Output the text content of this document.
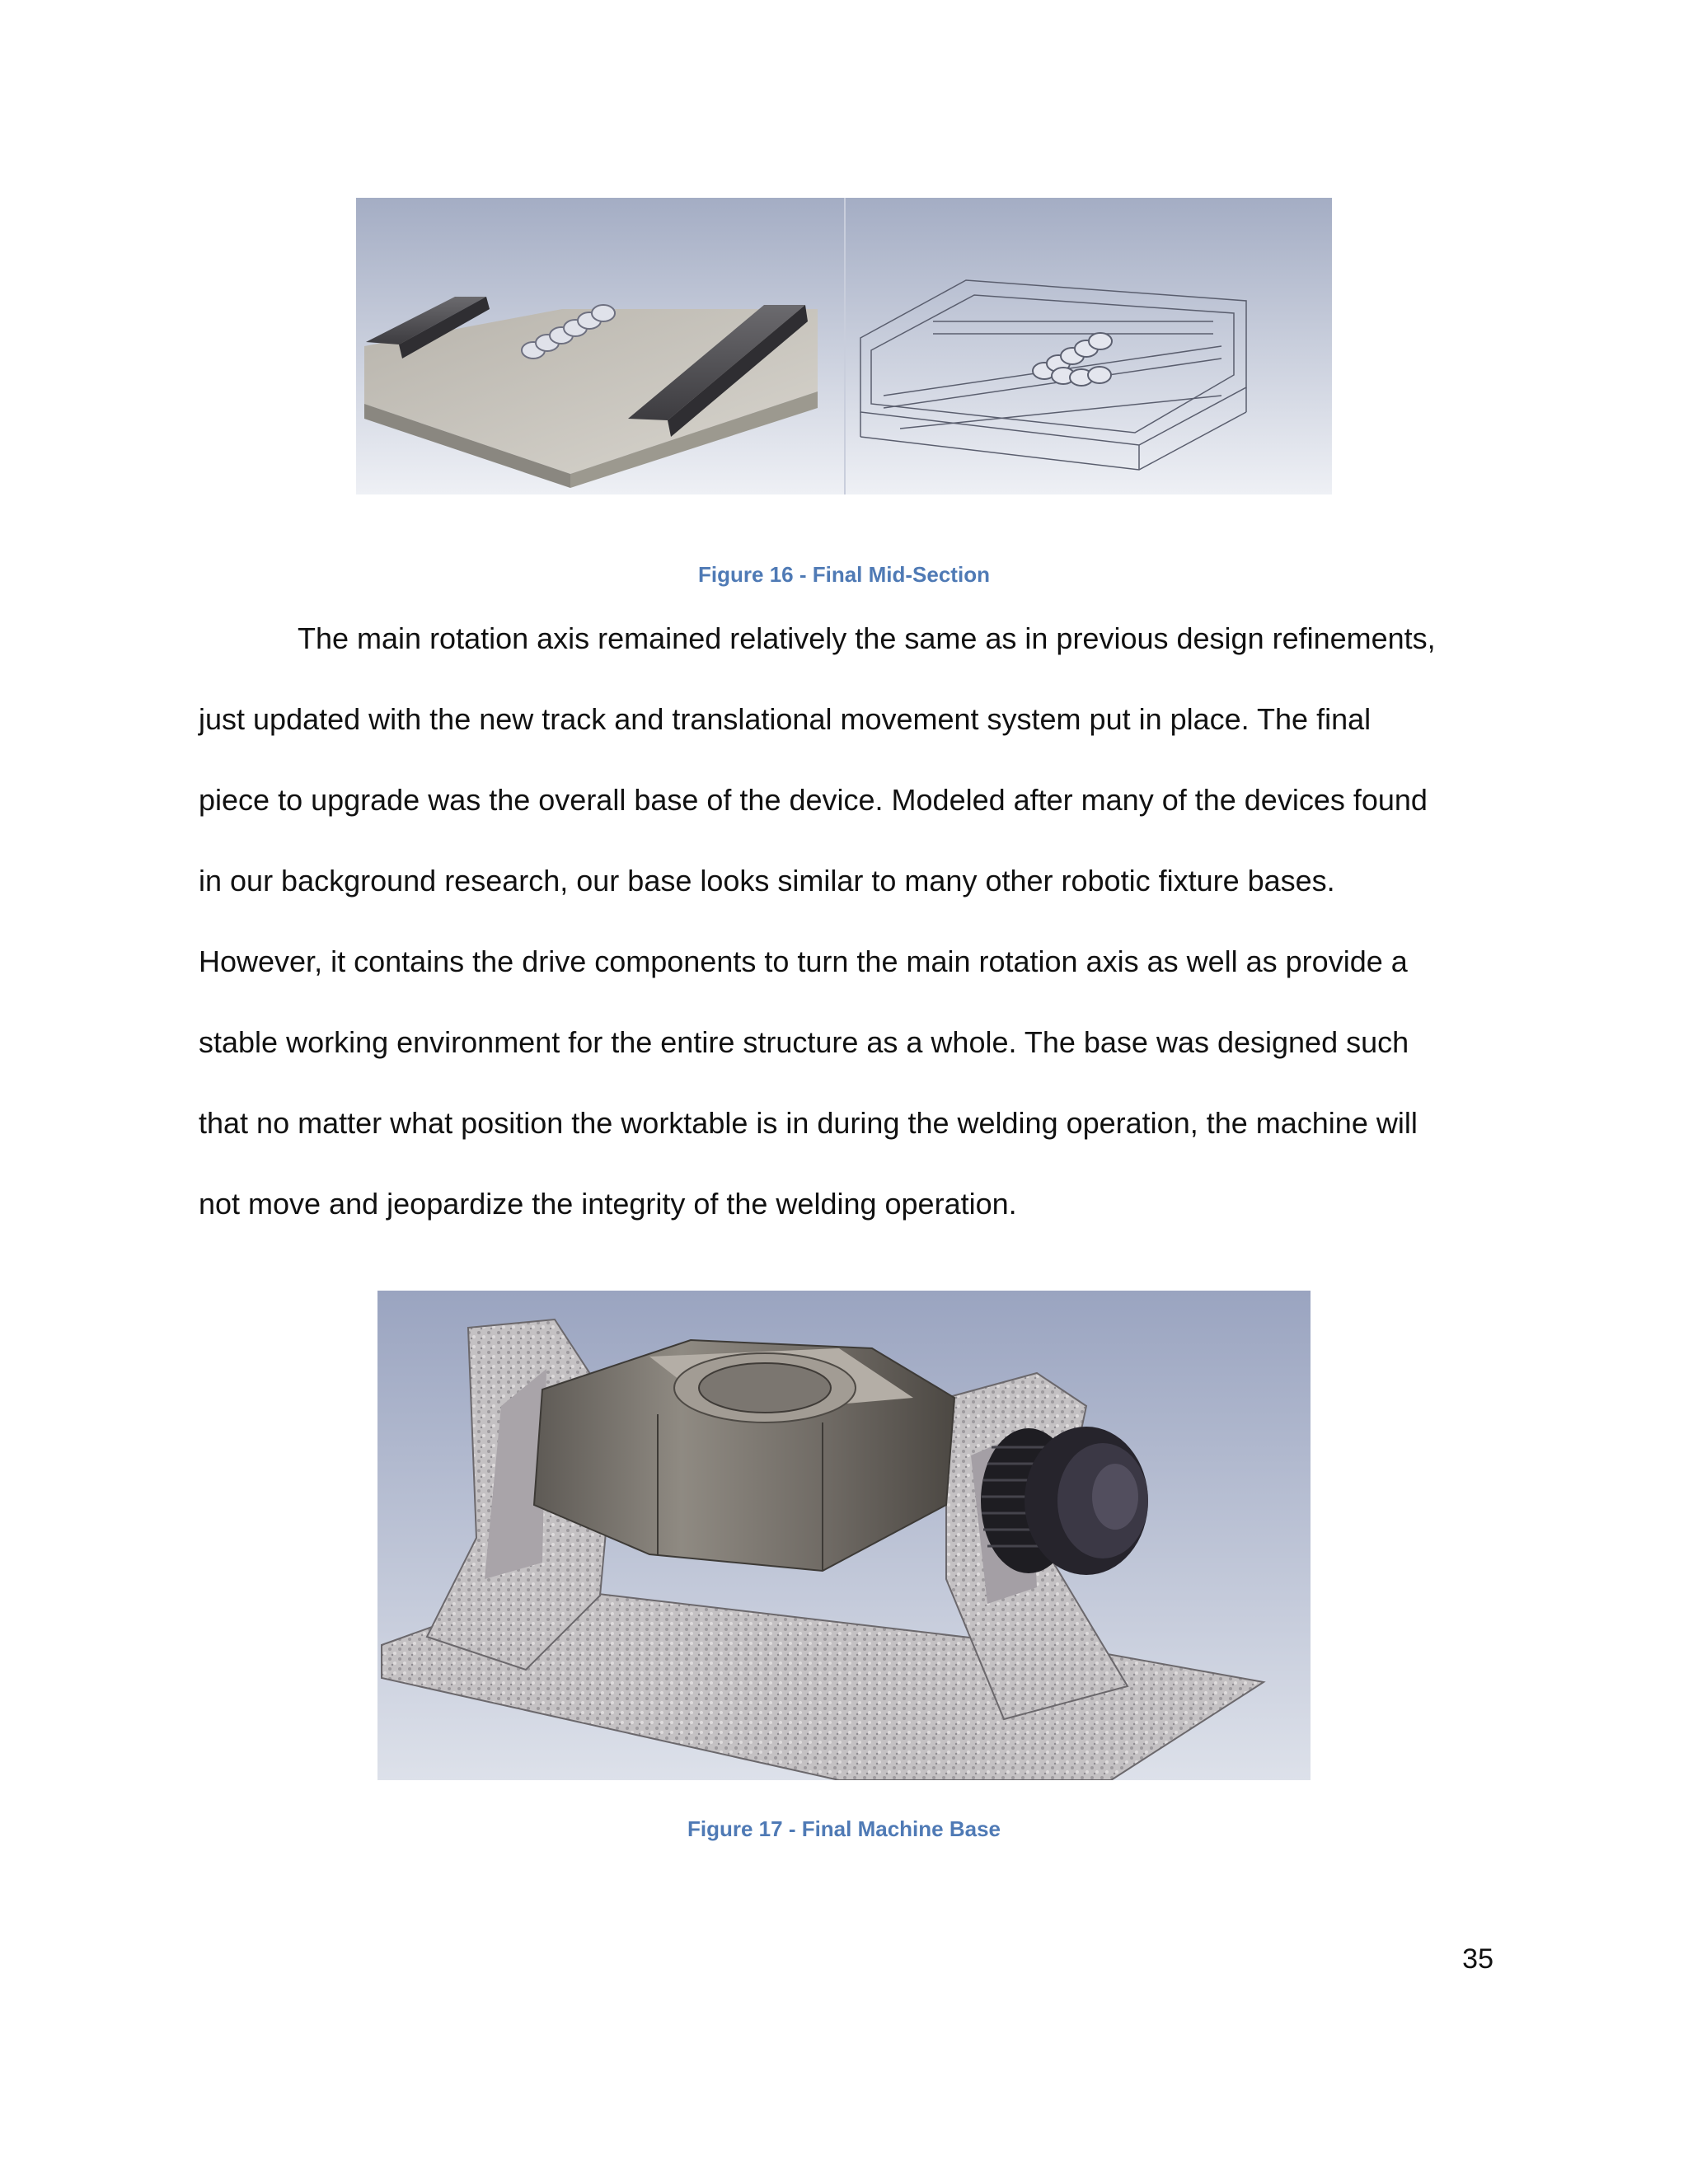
Figure 16 - Final Mid-Section
The main rotation axis remained relatively the same as in previous design refinements,
just updated with the new track and translational movement system put in place. The final
piece to upgrade was the overall base of the device. Modeled after many of the devices found
in our background research, our base looks similar to many other robotic fixture bases.
However, it contains the drive components to turn the main rotation axis as well as provide a
stable working environment for the entire structure as a whole. The base was designed such
that no matter what position the worktable is in during the welding operation, the machine will
not move and jeopardize the integrity of the welding operation.
Figure 17 - Final Machine Base
35
